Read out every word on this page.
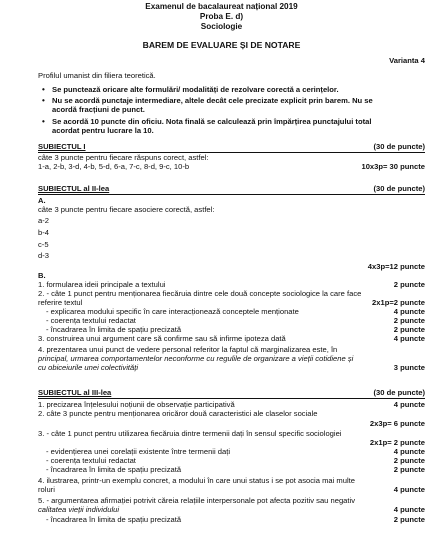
Examenul de bacalaureat național 2019
Proba E. d)
Sociologie
BAREM DE EVALUARE ȘI DE NOTARE
Varianta 4
Profilul umanist din filiera teoretică.
• Se punctează oricare alte formulări/ modalități de rezolvare corectă a cerințelor.
• Nu se acordă punctaje intermediare, altele decât cele precizate explicit prin barem. Nu se
acordă fracțiuni de punct.
• Se acordă 10 puncte din oficiu. Nota finală se calculează prin împărțirea punctajului total
acordat pentru lucrare la 10.
SUBIECTUL I	(30 de puncte)
câte 3 puncte pentru fiecare răspuns corect, astfel:
1-a, 2-b, 3-d, 4-b, 5-d, 6-a, 7-c, 8-d, 9-c, 10-b	10x3p= 30 puncte
SUBIECTUL al II-lea	(30 de puncte)
A.
câte 3 puncte pentru fiecare asociere corectă, astfel:
a-2
b-4
c-5
d-3
4x3p=12 puncte
B.
1. formularea ideii principale a textului	2 puncte
2. - câte 1 punct pentru menționarea fiecăruia dintre cele două concepte sociologice la care face
referire textul	2x1p=2 puncte
- explicarea modului specific în care interacționează conceptele menționate	4 puncte
- coerența textului redactat	2 puncte
- încadrarea în limita de spațiu precizată	2 puncte
3. construirea unui argument care să confirme sau să infirme ipoteza dată	4 puncte
4. prezentarea unui punct de vedere personal referitor la faptul că marginalizarea este, în
principal, urmarea comportamentelor neconforme cu regulile de organizare a vieții cotidiene și
cu obiceiurile unei colectivități	3 puncte
SUBIECTUL al III-lea	(30 de puncte)
1. precizarea înțelesului noțiunii de observație participativă	4 puncte
2. câte 3 puncte pentru menționarea oricăror două caracteristici ale claselor sociale
2x3p= 6 puncte
3. - câte 1 punct pentru utilizarea fiecăruia dintre termenii dați în sensul specific sociologiei
2x1p= 2 puncte
- evidențierea unei corelații existente între termenii dați	4 puncte
- coerența textului redactat	2 puncte
- încadrarea în limita de spațiu precizată	2 puncte
4. ilustrarea, printr-un exemplu concret, a modului în care unui status i se pot asocia mai multe
roluri	4 puncte
5. - argumentarea afirmației potrivit căreia relațiile interpersonale pot afecta pozitiv sau negativ
calitatea vieții individului	4 puncte
- încadrarea în limita de spațiu precizată	2 puncte
